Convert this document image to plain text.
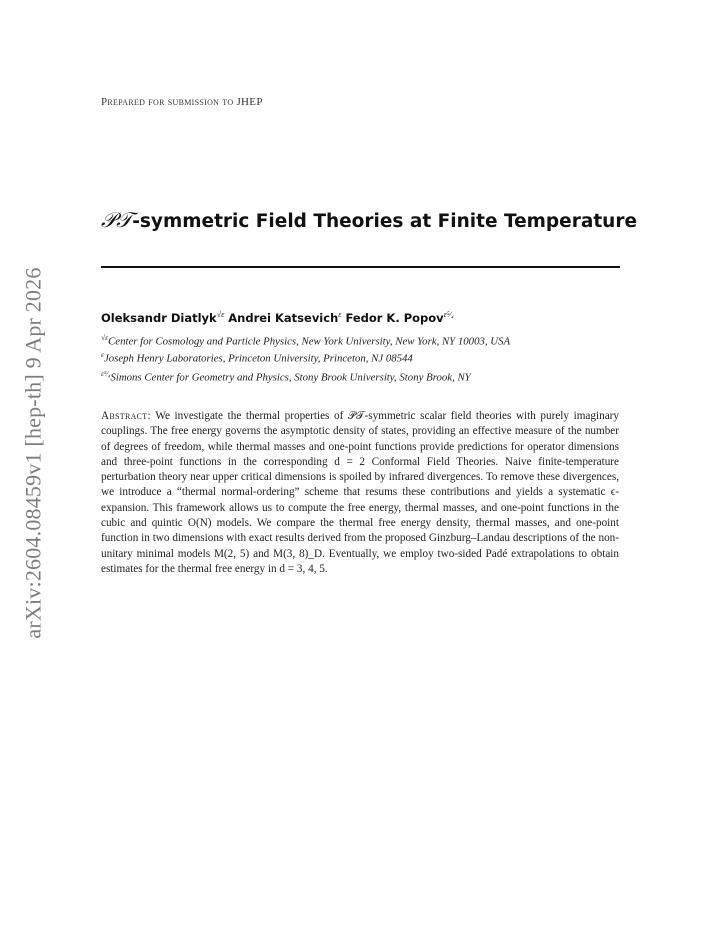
arXiv:2604.08459v1 [hep-th] 9 Apr 2026
Prepared for submission to JHEP
𝒫𝒯-symmetric Field Theories at Finite Temperature
Oleksandr Diatlyk$^{√\varepsilon}$ Andrei Katsevich$^\varepsilon$ Fedor K. Popov$^{\varepsilon^5⁄_4}$
$^{√\varepsilon}$Center for Cosmology and Particle Physics, New York University, New York, NY 10003, USA
$^\varepsilon$Joseph Henry Laboratories, Princeton University, Princeton, NJ 08544
$^{\varepsilon^5⁄_4}$Simons Center for Geometry and Physics, Stony Brook University, Stony Brook, NY
Abstract: We investigate the thermal properties of 𝒫𝒯-symmetric scalar field theories with purely imaginary couplings. The free energy governs the asymptotic density of states, providing an effective measure of the number of degrees of freedom, while thermal masses and one-point functions provide predictions for operator dimensions and three-point functions in the corresponding d = 2 Conformal Field Theories. Naive finite-temperature perturbation theory near upper critical dimensions is spoiled by infrared divergences. To remove these divergences, we introduce a “thermal normal-ordering” scheme that resums these contributions and yields a systematic ϵ-expansion. This framework allows us to compute the free energy, thermal masses, and one-point functions in the cubic and quintic O(N) models. We compare the thermal free energy density, thermal masses, and one-point function in two dimensions with exact results derived from the proposed Ginzburg–Landau descriptions of the non-unitary minimal models M(2, 5) and M(3, 8)_D. Eventually, we employ two-sided Padé extrapolations to obtain estimates for the thermal free energy in d = 3, 4, 5.
